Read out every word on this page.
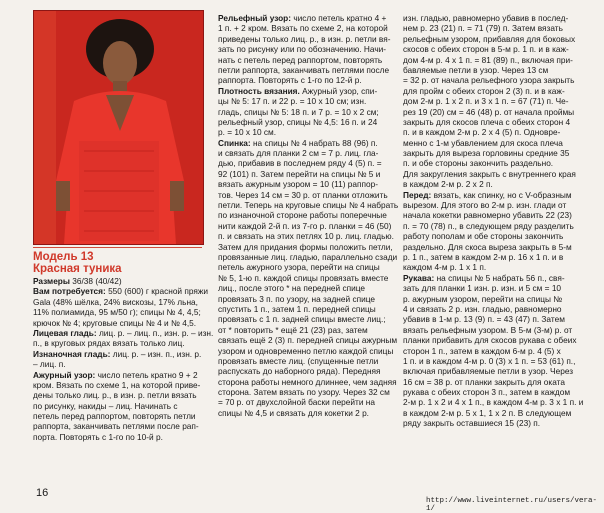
Модель 13
Красная туника
Размеры 36/38 (40/42)
Вам потребуется: 550 (600) г красной пряжи
Gala (48% шёлка, 24% вискозы, 17% льна,
11% полиамида, 95 м/50 г); спицы № 4, 4,5;
крючок № 4; круговые спицы № 4 и № 4,5.
Лицевая гладь: лиц. р. – лиц. п., изн. р. – изн.
п., в круговых рядах вязать только лиц.
Изнаночная гладь: лиц. р. – изн. п., изн. р.
– лиц. п.
Ажурный узор: число петель кратно 9 + 2
кром. Вязать по схеме 1, на которой приве-
дены только лиц. р., в изн. р. петли вязать
по рисунку, накиды – лиц. Начинать с
петель перед раппортом, повторять петли
раппорта, заканчивать петлями после рап-
порта. Повторять с 1-го по 10-й р.
Рельефный узор: число петель кратно 4 +
1 п. + 2 кром. Вязать по схеме 2, на которой
приведены только лиц. р., в изн. р. петли вя-
зать по рисунку или по обозначению. Начи-
нать с петель перед раппортом, повторять
петли раппорта, заканчивать петлями после
раппорта. Повторять с 1-го по 12-й р.
Плотность вязания. Ажурный узор, спи-
цы № 5: 17 п. и 22 р. = 10 х 10 см; изн.
гладь, спицы № 5: 18 п. и 7 р. = 10 х 2 см;
рельефный узор, спицы № 4,5: 16 п. и 24
р. = 10 х 10 см.
Спинка: на спицы № 4 набрать 88 (96) п.
и связать для планки 2 см = 7 р. лиц. гла-
дью, прибавив в последнем ряду 4 (5) п. =
92 (101) п. Затем перейти на спицы № 5 и
вязать ажурным узором = 10 (11) раппор-
тов. Через 14 см = 30 р. от планки отложить
петли. Теперь на круговые спицы № 4 набрать
по изнаночной стороне работы поперечные
нити каждой 2-й п. из 7-го р. планки = 46 (50)
п. и связать на этих петлях 10 р. лиц. гладью.
Затем для придания формы положить петли,
провязанные лиц. гладью, параллельно сзади
петель ажурного узора, перейти на спицы
№ 5, 1-ю п. каждой спицы провязать вместе
лиц., после этого * на передней спице
провязать 3 п. по узору, на задней спице
спустить 1 п., затем 1 п. передней спицы
провязать с 1 п. задней спицы вместе лиц.;
от * повторить * ещё 21 (23) раз, затем
связать ещё 2 (3) п. передней спицы ажурным
узором и одновременно петлю каждой спицы
провязать вместе лиц. (спущенные петли
распускать до наборного ряда). Передняя
сторона работы немного длиннее, чем задняя
сторона. Затем вязать по узору. Через 32 см
= 70 р. от двухслойной баски перейти на
спицы № 4,5 и связать для кокетки 2 р.
изн. гладью, равномерно убавив в послед-
нем р. 23 (21) п. = 71 (79) п. Затем вязать
рельефным узором, прибавляя для боковых
скосов с обеих сторон в 5-м р. 1 п. и в каж-
дом 4-м р. 4 х 1 п. = 81 (89) п., включая при-
бавляемые петли в узор. Через 13 см
= 32 р. от начала рельефного узора закрыть
для пройм с обеих сторон 2 (3) п. и в каж-
дом 2-м р. 1 х 2 п. и 3 х 1 п. = 67 (71) п. Че-
рез 19 (20) см = 46 (48) р. от начала проймы
закрыть для скосов плеча с обеих сторон 4
п. и в каждом 2-м р. 2 х 4 (5) п. Одновре-
менно с 1-м убавлением для скоса плеча
закрыть для выреза горловины средние 35
п. и обе стороны закончить раздельно.
Для закругления закрыть с внутреннего края
в каждом 2-м р. 2 х 2 п.
Перед: вязать, как спинку, но с V-образным
вырезом. Для этого во 2-м р. изн. глади от
начала кокетки равномерно убавить 22 (23)
п. = 70 (78) п., в следующем ряду разделить
работу пополам и обе стороны закончить
раздельно. Для скоса выреза закрыть в 5-м
р. 1 п., затем в каждом 2-м р. 16 х 1 п. и в
каждом 4-м р. 1 х 1 п.
Рукава: на спицы № 5 набрать 56 п., свя-
зать для планки 1 изн. р. изн. и 5 см = 10
р. ажурным узором, перейти на спицы №
4 и связать 2 р. изн. гладью, равномерно
убавив в 1-м р. 13 (9) п. = 43 (47) п. Затем
вязать рельефным узором. В 5-м (3-м) р. от
планки прибавить для скосов рукава с обеих
сторон 1 п., затем в каждом 6-м р. 4 (5) х
1 п. и в каждом 4-м р. 0 (3) х 1 п. = 53 (61) п.,
включая прибавляемые петли в узор. Через
16 см = 38 р. от планки закрыть для оката
рукава с обеих сторон 3 п., затем в каждом
2-м р. 1 х 2 и 4 х 1 п., в каждом 4-м р. 3 х 1 п. и
в каждом 2-м р. 5 х 1, 1 х 2 п. В следующем
ряду закрыть оставшиеся 15 (23) п.
16
http://www.liveinternet.ru/users/vera-1/
